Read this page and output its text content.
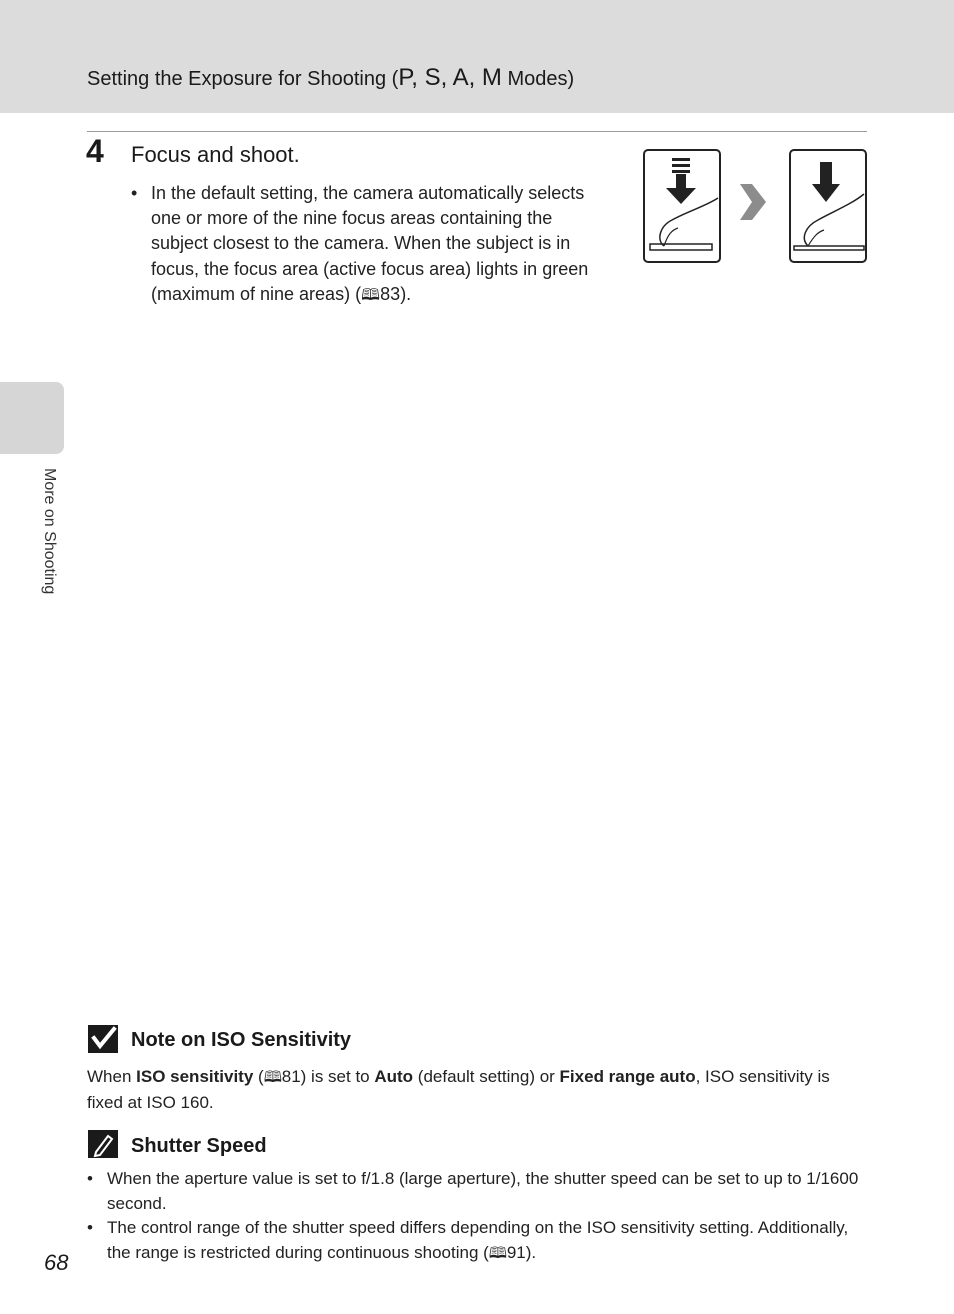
Setting the Exposure for Shooting (P, S, A, M Modes)
More on Shooting
4 Focus and shoot.
• In the default setting, the camera automatically selects one or more of the nine focus areas containing the subject closest to the camera. When the subject is in focus, the focus area (active focus area) lights in green (maximum of nine areas) (🕮83).
Note on ISO Sensitivity
When ISO sensitivity (🕮81) is set to Auto (default setting) or Fixed range auto, ISO sensitivity is fixed at ISO 160.
Shutter Speed
• When the aperture value is set to f/1.8 (large aperture), the shutter speed can be set to up to 1/1600 second.
• The control range of the shutter speed differs depending on the ISO sensitivity setting. Additionally, the range is restricted during continuous shooting (🕮91).
68
